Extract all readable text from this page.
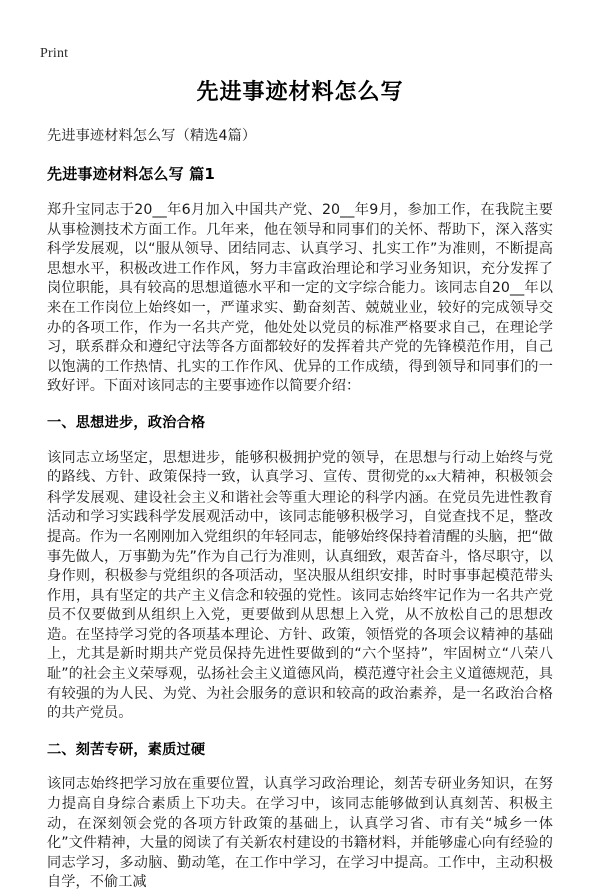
Print
先进事迹材料怎么写

先进事迹材料怎么写（精选4篇）

先进事迹材料怎么写 篇1

郑升宝同志于20__年6月加入中国共产党、20__年9月，参加工作，在我院主要从事检测技术方面工作。几年来，他在领导和同事们的关怀、帮助下，深入落实科学发展观，以“服从领导、团结同志、认真学习、扎实工作”为准则，不断提高思想水平，积极改进工作作风，努力丰富政治理论和学习业务知识，充分发挥了岗位职能，具有较高的思想道德水平和一定的文字综合能力。该同志自20__年以来在工作岗位上始终如一，严谨求实、勤奋刻苦、兢兢业业，较好的完成领导交办的各项工作，作为一名共产党，他处处以党员的标准严格要求自己，在理论学习，联系群众和遵纪守法等各方面都较好的发挥着共产党的先锋模范作用，自己以饱满的工作热情、扎实的工作作风、优异的工作成绩，得到领导和同事们的一致好评。下面对该同志的主要事迹作以简要介绍：

一、思想进步，政治合格

该同志立场坚定，思想进步，能够积极拥护党的领导，在思想与行动上始终与党的路线、方针、政策保持一致，认真学习、宣传、贯彻党的xx大精神，积极领会科学发展观、建设社会主义和谐社会等重大理论的科学内涵。在党员先进性教育活动和学习实践科学发展观活动中，该同志能够积极学习，自觉查找不足，整改提高。作为一名刚刚加入党组织的年轻同志，能够始终保持着清醒的头脑，把“做事先做人，万事勤为先”作为自己行为准则，认真细致，艰苦奋斗，恪尽职守，以身作则，积极参与党组织的各项活动，坚决服从组织安排，时时事事起模范带头作用，具有坚定的共产主义信念和较强的党性。该同志始终牢记作为一名共产党员不仅要做到从组织上入党，更要做到从思想上入党，从不放松自己的思想改造。在坚持学习党的各项基本理论、方针、政策，领悟党的各项会议精神的基础上，尤其是新时期共产党员保持先进性要做到的“六个坚持”，牢固树立“八荣八耻”的社会主义荣辱观，弘扬社会主义道德风尚，模范遵守社会主义道德规范，具有较强的为人民、为党、为社会服务的意识和较高的政治素养，是一名政治合格的共产党员。

二、刻苦专研，素质过硬

该同志始终把学习放在重要位置，认真学习政治理论，刻苦专研业务知识，在努力提高自身综合素质上下功夫。在学习中，该同志能够做到认真刻苦、积极主动，在深刻领会党的各项方针政策的基础上，认真学习省、市有关“城乡一体化”文件精神，大量的阅读了有关新农村建设的书籍材料，并能够虚心向有经验的同志学习，多动脑、勤动笔，在工作中学习，在学习中提高。工作中，主动积极自学，不偷工减
